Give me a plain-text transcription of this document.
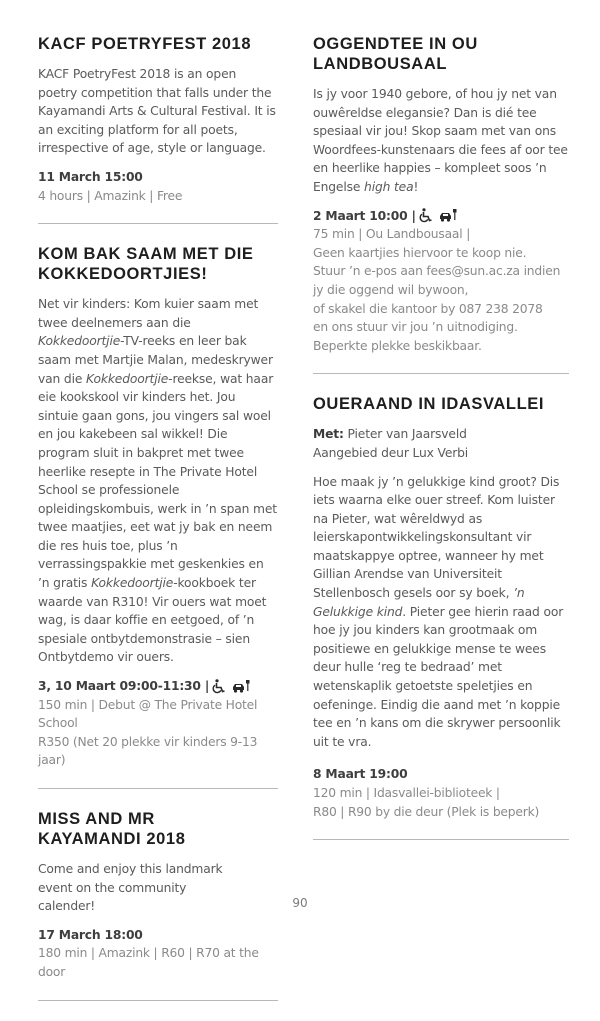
KACF POETRYFEST 2018

KACF PoetryFest 2018 is an open poetry competition that falls under the Kayamandi Arts & Cultural Festival. It is an exciting platform for all poets, irrespective of age, style or language.

11 March 15:00

4 hours | Amazink | Free

KOM BAK SAAM MET DIE KOKKEDOORTJIES!

Net vir kinders: Kom kuier saam met twee deelnemers aan die Kokkedoortjie-TV-reeks en leer bak saam met Martjie Malan, medeskrywer van die Kokkedoortjie-reekse, wat haar eie kookskool vir kinders het. Jou sintuie gaan gons, jou vingers sal woel en jou kakebeen sal wikkel! Die program sluit in bakpret met twee heerlike resepte in The Private Hotel School se professionele opleidingskombuis, werk in ’n span met twee maatjies, eet wat jy bak en neem die res huis toe, plus ’n verrassingspakkie met geskenkies en ’n gratis Kokkedoortjie-kookboek ter waarde van R310! Vir ouers wat moet wag, is daar koffie en eetgoed, of ’n spesiale ontbytdemonstrasie – sien Ontbytdemo vir ouers.

3, 10 Maart 09:00-11:30 |

150 min | Debut @ The Private Hotel School

R350 (Net 20 plekke vir kinders 9-13 jaar)

MISS AND MR KAYAMANDI 2018

Come and enjoy this landmark event on the community calender!

17 March 18:00

180 min | Amazink | R60 | R70 at the door

OGGENDTEE IN OU LANDBOUSAAL

Is jy voor 1940 gebore, of hou jy net van ouwêreldse elegansie? Dan is dié tee spesiaal vir jou! Skop saam met van ons Woordfees-kunstenaars die fees af oor tee en heerlike happies – kompleet soos ’n Engelse high tea!

2 Maart 10:00 |

75 min | Ou Landbousaal |

Geen kaartjies hiervoor te koop nie.

Stuur ’n e-pos aan fees@sun.ac.za indien

jy die oggend wil bywoon,

of skakel die kantoor by 087 238 2078

en ons stuur vir jou ’n uitnodiging.

Beperkte plekke beskikbaar.

OUERAAND IN IDASVALLEI

Met: Pieter van Jaarsveld
Aangebied deur Lux Verbi

Hoe maak jy ’n gelukkige kind groot? Dis iets waarna elke ouer streef. Kom luister na Pieter, wat wêreldwyd as leierskapontwikkelingskonsultant vir maatskappye optree, wanneer hy met Gillian Arendse van Universiteit Stellenbosch gesels oor sy boek, ’n Gelukkige kind. Pieter gee hierin raad oor hoe jy jou kinders kan grootmaak om positiewe en gelukkige mense te wees deur hulle ‘reg te bedraad’ met wetenskaplik getoetste speletjies en oefeninge. Eindig die aand met ’n koppie tee en ’n kans om die skrywer persoonlik uit te vra.

8 Maart 19:00

120 min | Idasvallei-biblioteek |

R80 | R90 by die deur (Plek is beperk)

90
